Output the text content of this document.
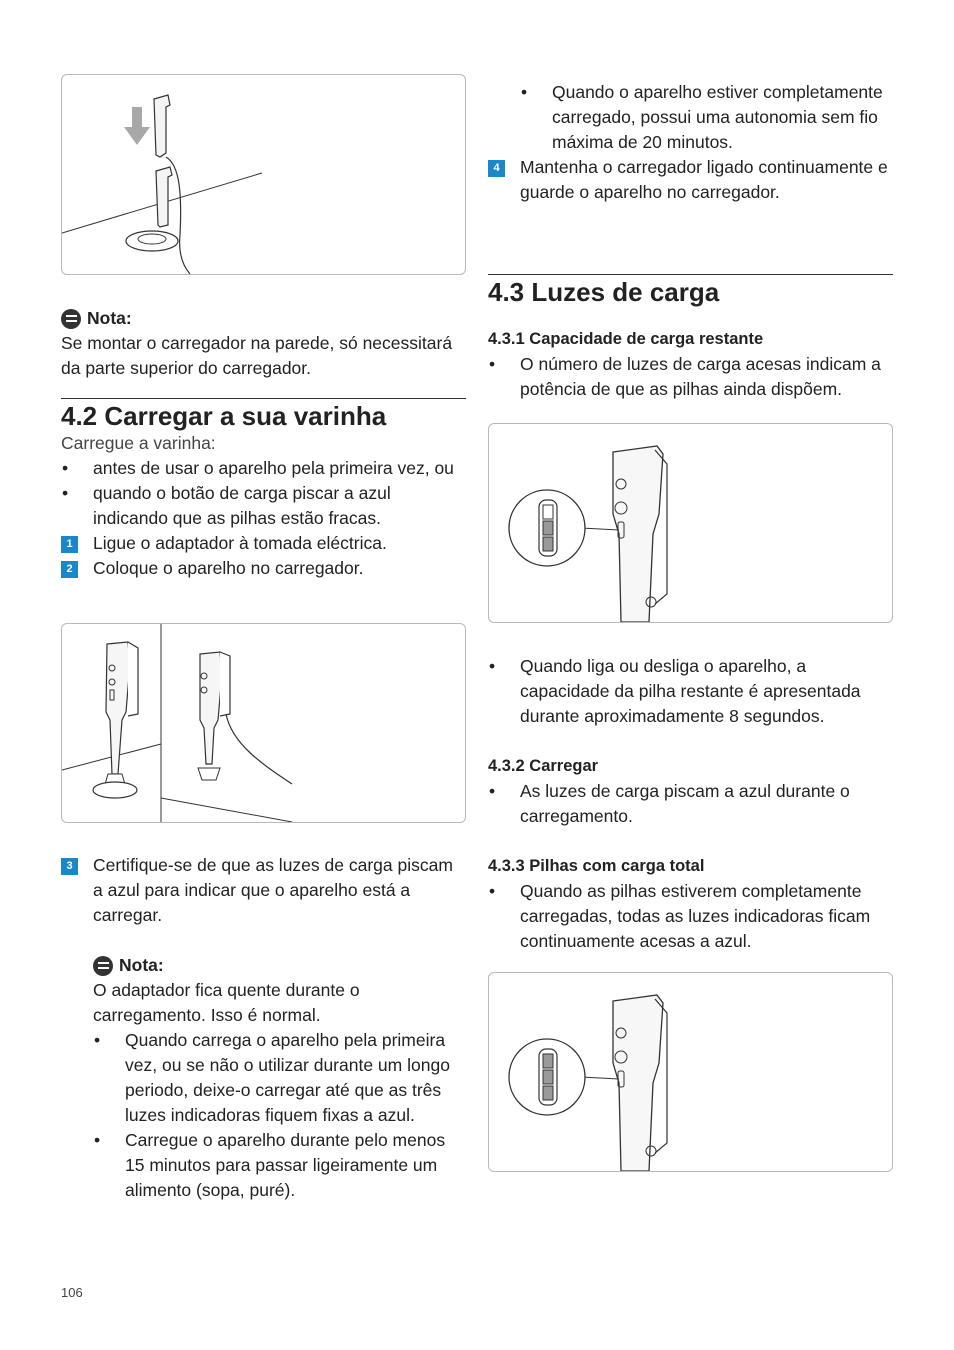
Nota:
Se montar o carregador na parede, só necessitará da parte superior do carregador.
4.2 Carregar a sua varinha
Carregue a varinha:
• antes de usar o aparelho pela primeira vez, ou
• quando o botão de carga piscar a azul indicando que as pilhas estão fracas.
1	Ligue o adaptador à tomada eléctrica.
2	Coloque o aparelho no carregador.
3	Certifique-se de que as luzes de carga piscam a azul para indicar que o aparelho está a carregar.
Nota:
O adaptador fica quente durante o carregamento. Isso é normal.
• Quando carrega o aparelho pela primeira vez, ou se não o utilizar durante um longo periodo, deixe-o carregar até que as três luzes indicadoras fiquem fixas a azul.
• Carregue o aparelho durante pelo menos 15 minutos para passar ligeiramente um alimento (sopa, puré).
• Quando o aparelho estiver completamente carregado, possui uma autonomia sem fio máxima de 20 minutos.
4	Mantenha o carregador ligado continuamente e guarde o aparelho no carregador.
4.3 Luzes de carga
4.3.1 Capacidade de carga restante
• O número de luzes de carga acesas indicam a potência de que as pilhas ainda dispõem.
• Quando liga ou desliga o aparelho, a capacidade da pilha restante é apresentada durante aproximadamente 8 segundos.
4.3.2 Carregar
• As luzes de carga piscam a azul durante o carregamento.
4.3.3 Pilhas com carga total
• Quando as pilhas estiverem completamente carregadas, todas as luzes indicadoras ficam continuamente acesas a azul.
106
